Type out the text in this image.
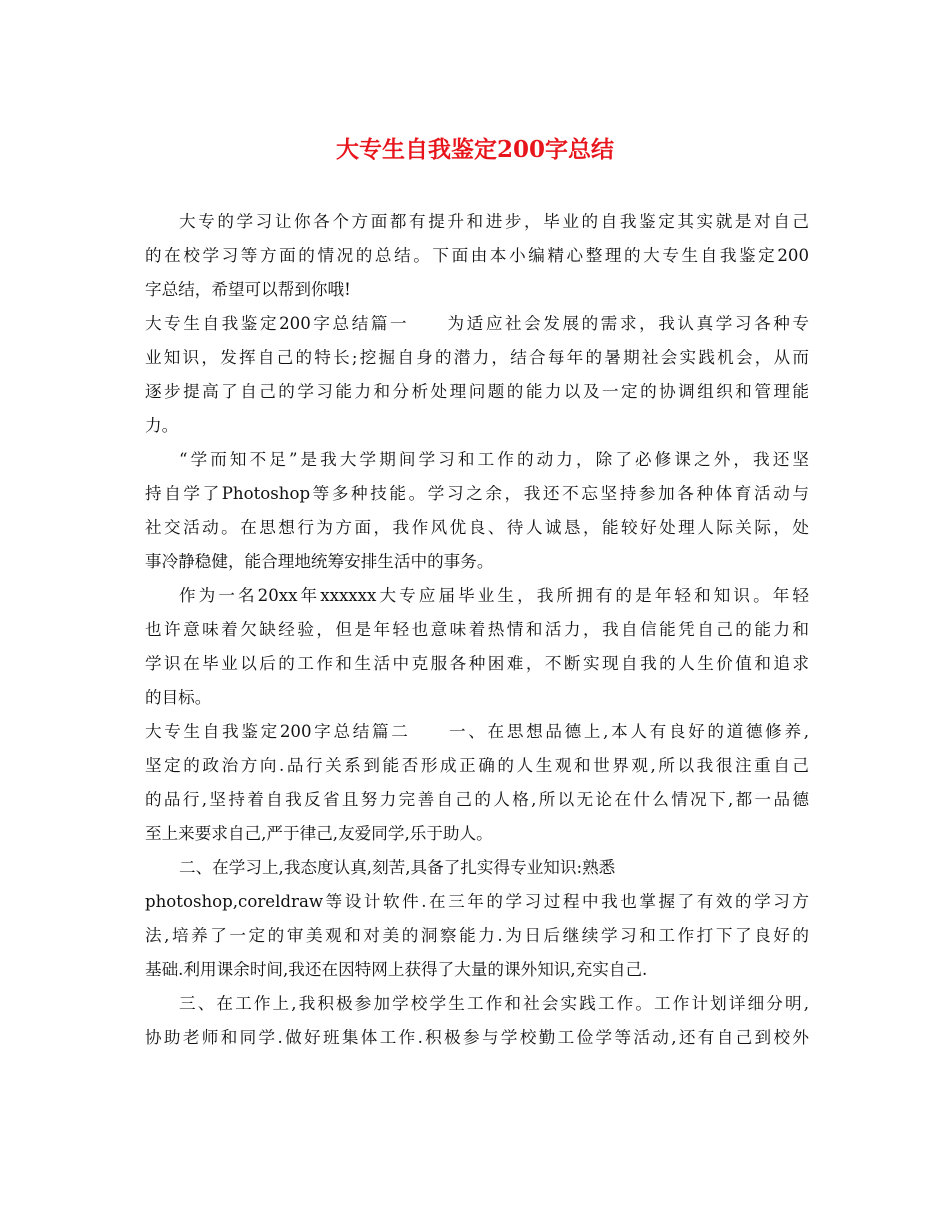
大专生自我鉴定200字总结
大专的学习让你各个方面都有提升和进步，毕业的自我鉴定其实就是对自己
的在校学习等方面的情况的总结。下面由本小编精心整理的大专生自我鉴定200
字总结，希望可以帮到你哦!
大专生自我鉴定200字总结篇一　　为适应社会发展的需求，我认真学习各种专
业知识，发挥自己的特长;挖掘自身的潜力，结合每年的暑期社会实践机会，从而
逐步提高了自己的学习能力和分析处理问题的能力以及一定的协调组织和管理能
力。
“学而知不足”是我大学期间学习和工作的动力，除了必修课之外，我还坚
持自学了Photoshop等多种技能。学习之余，我还不忘坚持参加各种体育活动与
社交活动。在思想行为方面，我作风优良、待人诚恳，能较好处理人际关际，处
事冷静稳健，能合理地统筹安排生活中的事务。
作为一名20xx年xxxxxx大专应届毕业生，我所拥有的是年轻和知识。年轻
也许意味着欠缺经验，但是年轻也意味着热情和活力，我自信能凭自己的能力和
学识在毕业以后的工作和生活中克服各种困难，不断实现自我的人生价值和追求
的目标。
大专生自我鉴定200字总结篇二　　一、在思想品德上,本人有良好的道德修养,
坚定的政治方向.品行关系到能否形成正确的人生观和世界观,所以我很注重自己
的品行,坚持着自我反省且努力完善自己的人格,所以无论在什么情况下,都一品德
至上来要求自己,严于律己,友爱同学,乐于助人。
二、在学习上,我态度认真,刻苦,具备了扎实得专业知识:熟悉
photoshop,coreldraw等设计软件.在三年的学习过程中我也掌握了有效的学习方
法,培养了一定的审美观和对美的洞察能力.为日后继续学习和工作打下了良好的
基础.利用课余时间,我还在因特网上获得了大量的课外知识,充实自己.
三、在工作上,我积极参加学校学生工作和社会实践工作。工作计划详细分明,
协助老师和同学.做好班集体工作.积极参与学校勤工俭学等活动,还有自己到校外
